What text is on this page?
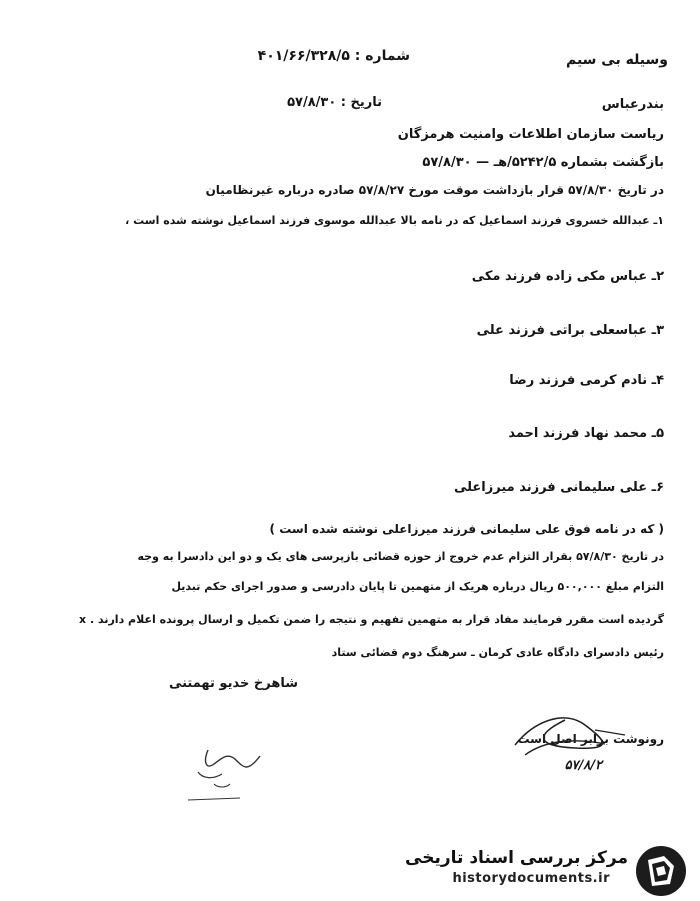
وسیله بی سیم
شماره : ۴۰۱/۶۶/۳۲۸/۵
تاریخ : ۵۷/۸/۳۰	بندرعباس
ریاست سازمان اطلاعات وامنیت هرمزگان
بازگشت بشماره ۵۲۴۲/۵/هـ — ۵۷/۸/۳۰
در تاریخ ۵۷/۸/۳۰ قرار بازداشت موقت مورخ ۵۷/۸/۲۷ صادره درباره غیرنظامیان
۱ـ عبدالله خسروی فرزند اسماعیل که در نامه بالا عبدالله موسوی فرزند اسماعیل نوشته شده است ،
۲ـ عباس مکی زاده فرزند مکی
۳ـ عباسعلی براتی فرزند علی
۴ـ نادم کرمی فرزند رضا
۵ـ محمد نهاد فرزند احمد
۶ـ علی سلیمانی فرزند میرزاعلی
( که در نامه فوق علی سلیمانی فرزند میرزاعلی نوشته شده است )
در تاریخ ۵۷/۸/۳۰ بقرار التزام عدم خروج از حوزه قضائی بازپرسی های یک و دو این دادسرا به وجه
التزام مبلغ ۵۰۰,۰۰۰ ریال درباره هریک از متهمین تا پایان دادرسی و صدور اجرای حکم تبدیل
گردیده است مقرر فرمایند مفاد قرار به متهمین تفهیم و نتیجه را ضمن تکمیل و ارسال پرونده اعلام دارند . x
رئیس دادسرای دادگاه عادی کرمان ـ سرهنگ دوم قضائی ستاد
شاهرخ خدیو تهمتنی
رونوشت برابر اصل است
۵۷/۸/۲
مرکز بررسی اسناد تاریخی
historydocuments.ir
